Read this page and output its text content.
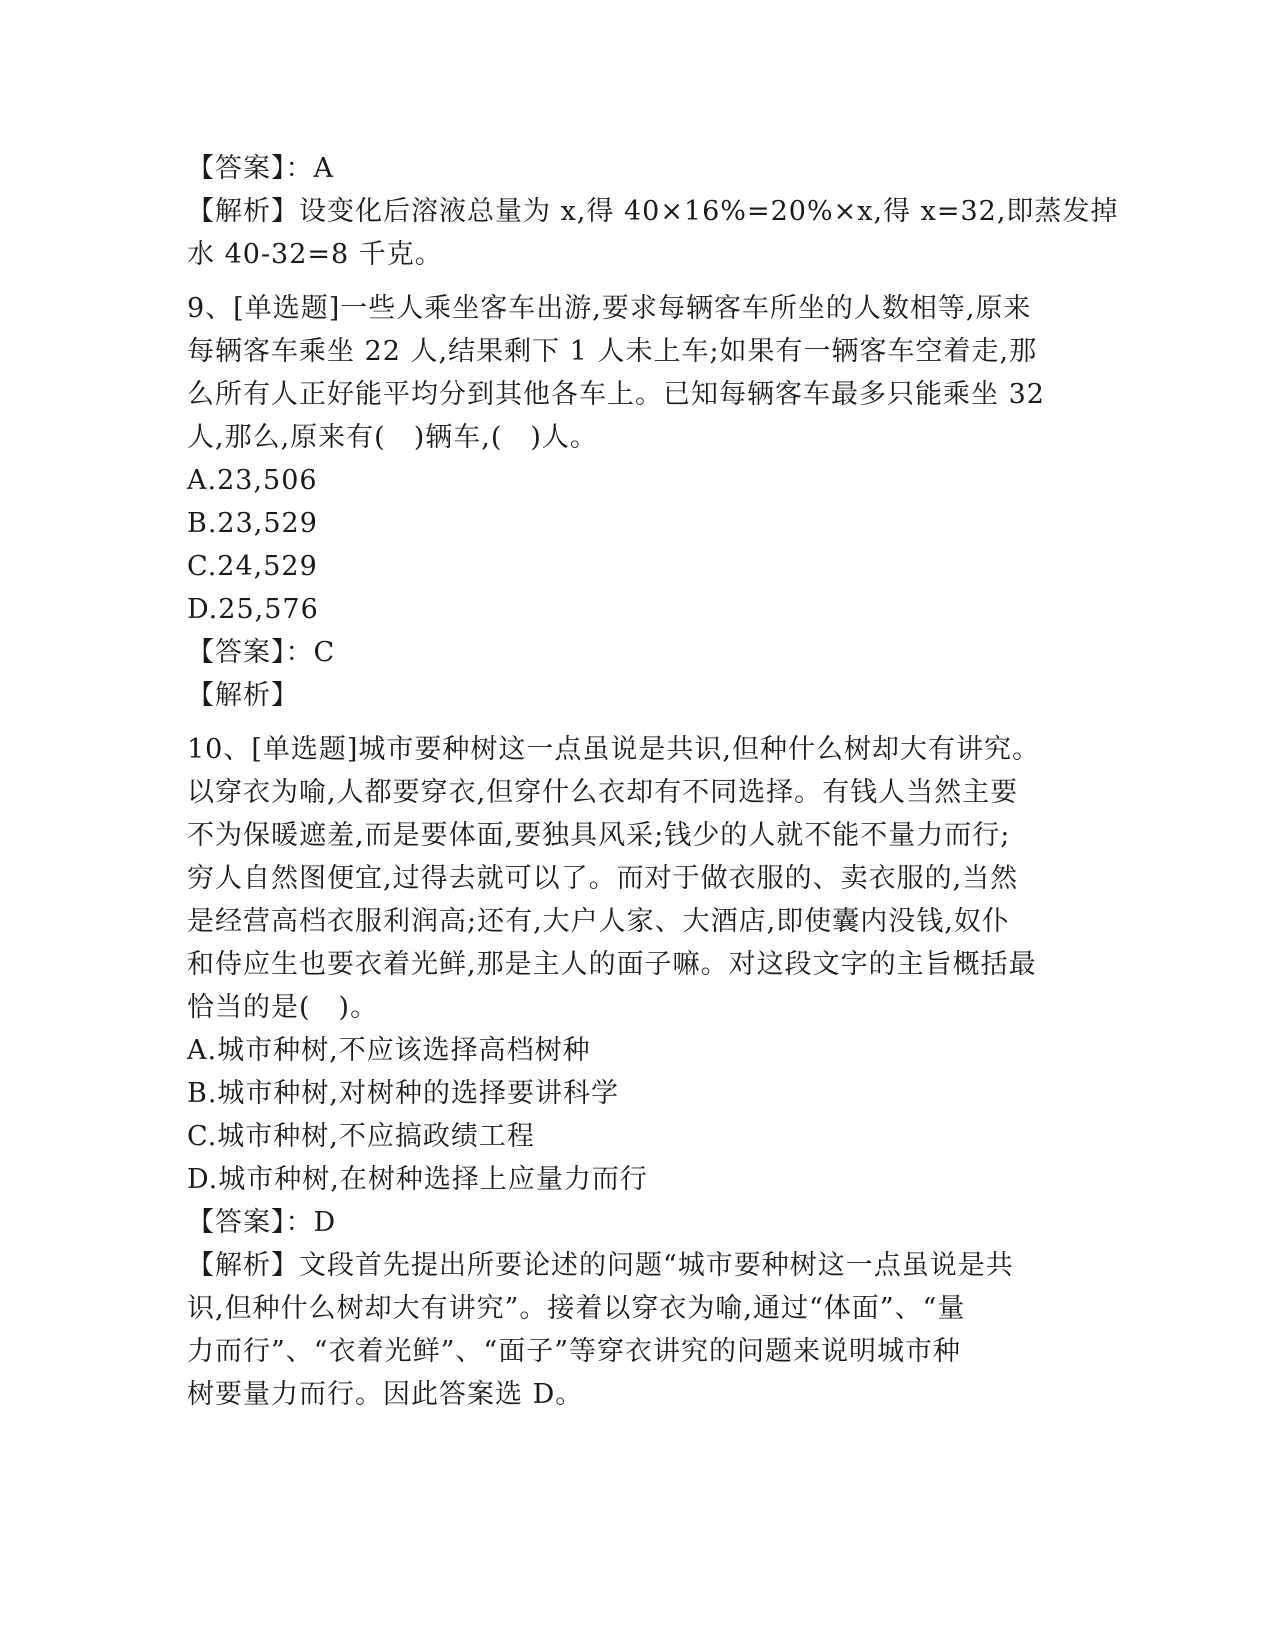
【答案】：A
【解析】设变化后溶液总量为 x,得 40×16%=20%×x,得 x=32,即蒸发掉
水 40-32=8 千克。
9、[单选题]一些人乘坐客车出游,要求每辆客车所坐的人数相等,原来
每辆客车乘坐 22 人,结果剩下 1 人未上车;如果有一辆客车空着走,那
么所有人正好能平均分到其他各车上。已知每辆客车最多只能乘坐 32
人,那么,原来有(　)辆车,(　)人。
A.23,506
B.23,529
C.24,529
D.25,576
【答案】：C
【解析】
10、[单选题]城市要种树这一点虽说是共识,但种什么树却大有讲究。
以穿衣为喻,人都要穿衣,但穿什么衣却有不同选择。有钱人当然主要
不为保暖遮羞,而是要体面,要独具风采;钱少的人就不能不量力而行;
穷人自然图便宜,过得去就可以了。而对于做衣服的、卖衣服的,当然
是经营高档衣服利润高;还有,大户人家、大酒店,即使囊内没钱,奴仆
和侍应生也要衣着光鲜,那是主人的面子嘛。对这段文字的主旨概括最
恰当的是(　)。
A.城市种树,不应该选择高档树种
B.城市种树,对树种的选择要讲科学
C.城市种树,不应搞政绩工程
D.城市种树,在树种选择上应量力而行
【答案】：D
【解析】文段首先提出所要论述的问题“城市要种树这一点虽说是共
识,但种什么树却大有讲究”。接着以穿衣为喻,通过“体面”、“量
力而行”、“衣着光鲜”、“面子”等穿衣讲究的问题来说明城市种
树要量力而行。因此答案选 D。
